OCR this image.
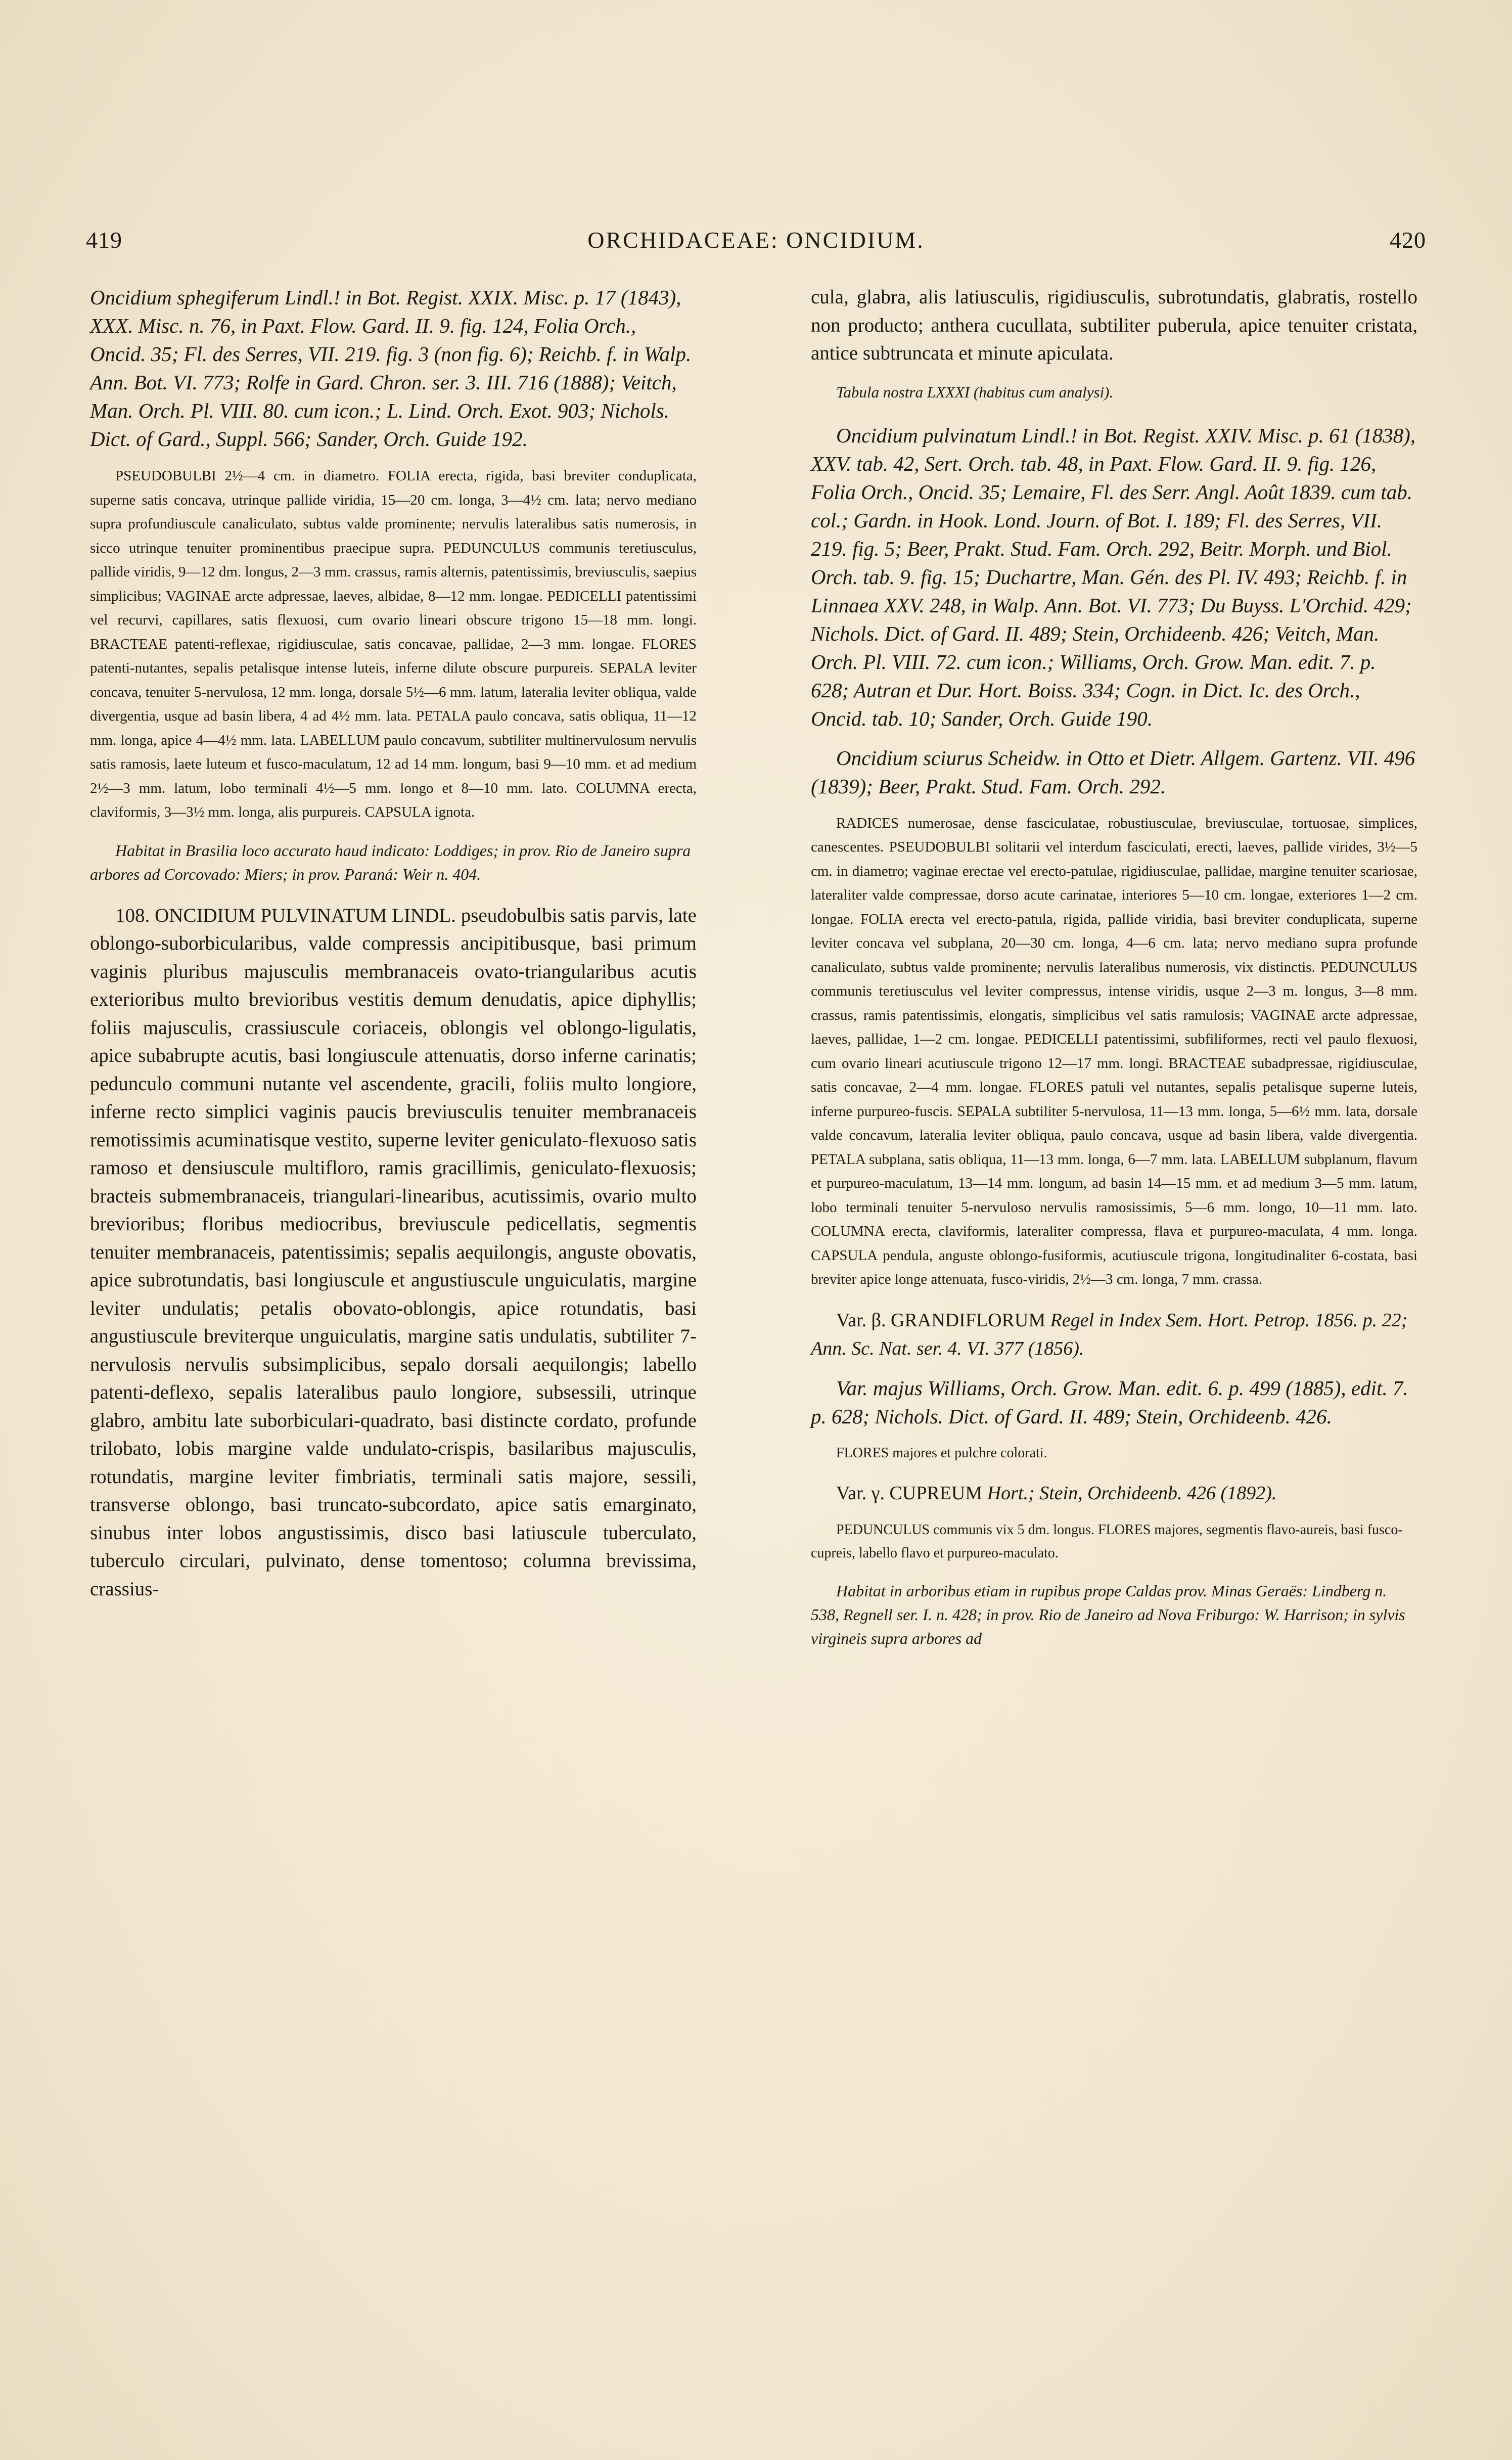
419	ORCHIDACEAE: ONCIDIUM.	420

Oncidium sphegiferum Lindl.! in Bot. Regist. XXIX. Misc. p. 17 (1843), XXX. Misc. n. 76, in Paxt. Flow. Gard. II. 9. fig. 124, Folia Orch., Oncid. 35; Fl. des Serres, VII. 219. fig. 3 (non fig. 6); Reichb. f. in Walp. Ann. Bot. VI. 773; Rolfe in Gard. Chron. ser. 3. III. 716 (1888); Veitch, Man. Orch. Pl. VIII. 80. cum icon.; L. Lind. Orch. Exot. 903; Nichols. Dict. of Gard., Suppl. 566; Sander, Orch. Guide 192.

PSEUDOBULBI 2½—4 cm. in diametro. FOLIA erecta, rigida, basi breviter conduplicata, superne satis concava, utrinque pallide viridia, 15—20 cm. longa, 3—4½ cm. lata; nervo mediano supra profundiuscule canaliculato, subtus valde prominente; nervulis lateralibus satis numerosis, in sicco utrinque tenuiter prominentibus praecipue supra. PEDUNCULUS communis teretiusculus, pallide viridis, 9—12 dm. longus, 2—3 mm. crassus, ramis alternis, patentissimis, breviusculis, saepius simplicibus; VAGINAE arcte adpressae, laeves, albidae, 8—12 mm. longae. PEDICELLI patentissimi vel recurvi, capillares, satis flexuosi, cum ovario lineari obscure trigono 15—18 mm. longi. BRACTEAE patenti-reflexae, rigidiusculae, satis concavae, pallidae, 2—3 mm. longae. FLORES patenti-nutantes, sepalis petalisque intense luteis, inferne dilute obscure purpureis. SEPALA leviter concava, tenuiter 5-nervulosa, 12 mm. longa, dorsale 5½—6 mm. latum, lateralia leviter obliqua, valde divergentia, usque ad basin libera, 4 ad 4½ mm. lata. PETALA paulo concava, satis obliqua, 11—12 mm. longa, apice 4—4½ mm. lata. LABELLUM paulo concavum, subtiliter multinervulosum nervulis satis ramosis, laete luteum et fusco-maculatum, 12 ad 14 mm. longum, basi 9—10 mm. et ad medium 2½—3 mm. latum, lobo terminali 4½—5 mm. longo et 8—10 mm. lato. COLUMNA erecta, claviformis, 3—3½ mm. longa, alis purpureis. CAPSULA ignota.

Habitat in Brasilia loco accurato haud indicato: Loddiges; in prov. Rio de Janeiro supra arbores ad Corcovado: Miers; in prov. Paraná: Weir n. 404.

108. ONCIDIUM PULVINATUM LINDL. pseudobulbis satis parvis, late oblongo-suborbicularibus, valde compressis ancipitibusque, basi primum vaginis pluribus majusculis membranaceis ovato-triangularibus acutis exterioribus multo brevioribus vestitis demum denudatis, apice diphyllis; foliis majusculis, crassiuscule coriaceis, oblongis vel oblongo-ligulatis, apice subabrupte acutis, basi longiuscule attenuatis, dorso inferne carinatis; pedunculo communi nutante vel ascendente, gracili, foliis multo longiore, inferne recto simplici vaginis paucis breviusculis tenuiter membranaceis remotissimis acuminatisque vestito, superne leviter geniculato-flexuoso satis ramoso et densiuscule multifloro, ramis gracillimis, geniculato-flexuosis; bracteis submembranaceis, triangulari-linearibus, acutissimis, ovario multo brevioribus; floribus mediocribus, breviuscule pedicellatis, segmentis tenuiter membranaceis, patentissimis; sepalis aequilongis, anguste obovatis, apice subrotundatis, basi longiuscule et angustiuscule unguiculatis, margine leviter undulatis; petalis obovato-oblongis, apice rotundatis, basi angustiuscule breviterque unguiculatis, margine satis undulatis, subtiliter 7-nervulosis nervulis subsimplicibus, sepalo dorsali aequilongis; labello patenti-deflexo, sepalis lateralibus paulo longiore, subsessili, utrinque glabro, ambitu late suborbiculari-quadrato, basi distincte cordato, profunde trilobato, lobis margine valde undulato-crispis, basilaribus majusculis, rotundatis, margine leviter fimbriatis, terminali satis majore, sessili, transverse oblongo, basi truncato-subcordato, apice satis emarginato, sinubus inter lobos angustissimis, disco basi latiuscule tuberculato, tuberculo circulari, pulvinato, dense tomentoso; columna brevissima, crassius-

cula, glabra, alis latiusculis, rigidiusculis, subrotundatis, glabratis, rostello non producto; anthera cucullata, subtiliter puberula, apice tenuiter cristata, antice subtruncata et minute apiculata.

Tabula nostra LXXXI (habitus cum analysi).

Oncidium pulvinatum Lindl.! in Bot. Regist. XXIV. Misc. p. 61 (1838), XXV. tab. 42, Sert. Orch. tab. 48, in Paxt. Flow. Gard. II. 9. fig. 126, Folia Orch., Oncid. 35; Lemaire, Fl. des Serr. Angl. Août 1839. cum tab. col.; Gardn. in Hook. Lond. Journ. of Bot. I. 189; Fl. des Serres, VII. 219. fig. 5; Beer, Prakt. Stud. Fam. Orch. 292, Beitr. Morph. und Biol. Orch. tab. 9. fig. 15; Duchartre, Man. Gén. des Pl. IV. 493; Reichb. f. in Linnaea XXV. 248, in Walp. Ann. Bot. VI. 773; Du Buyss. L'Orchid. 429; Nichols. Dict. of Gard. II. 489; Stein, Orchideenb. 426; Veitch, Man. Orch. Pl. VIII. 72. cum icon.; Williams, Orch. Grow. Man. edit. 7. p. 628; Autran et Dur. Hort. Boiss. 334; Cogn. in Dict. Ic. des Orch., Oncid. tab. 10; Sander, Orch. Guide 190.

Oncidium sciurus Scheidw. in Otto et Dietr. Allgem. Gartenz. VII. 496 (1839); Beer, Prakt. Stud. Fam. Orch. 292.

RADICES numerosae, dense fasciculatae, robustiusculae, breviusculae, tortuosae, simplices, canescentes. PSEUDOBULBI solitarii vel interdum fasciculati, erecti, laeves, pallide virides, 3½—5 cm. in diametro; vaginae erectae vel erecto-patulae, rigidiusculae, pallidae, margine tenuiter scariosae, lateraliter valde compressae, dorso acute carinatae, interiores 5—10 cm. longae, exteriores 1—2 cm. longae. FOLIA erecta vel erecto-patula, rigida, pallide viridia, basi breviter conduplicata, superne leviter concava vel subplana, 20—30 cm. longa, 4—6 cm. lata; nervo mediano supra profunde canaliculato, subtus valde prominente; nervulis lateralibus numerosis, vix distinctis. PEDUNCULUS communis teretiusculus vel leviter compressus, intense viridis, usque 2—3 m. longus, 3—8 mm. crassus, ramis patentissimis, elongatis, simplicibus vel satis ramulosis; VAGINAE arcte adpressae, laeves, pallidae, 1—2 cm. longae. PEDICELLI patentissimi, subfiliformes, recti vel paulo flexuosi, cum ovario lineari acutiuscule trigono 12—17 mm. longi. BRACTEAE subadpressae, rigidiusculae, satis concavae, 2—4 mm. longae. FLORES patuli vel nutantes, sepalis petalisque superne luteis, inferne purpureo-fuscis. SEPALA subtiliter 5-nervulosa, 11—13 mm. longa, 5—6½ mm. lata, dorsale valde concavum, lateralia leviter obliqua, paulo concava, usque ad basin libera, valde divergentia. PETALA subplana, satis obliqua, 11—13 mm. longa, 6—7 mm. lata. LABELLUM subplanum, flavum et purpureo-maculatum, 13—14 mm. longum, ad basin 14—15 mm. et ad medium 3—5 mm. latum, lobo terminali tenuiter 5-nervuloso nervulis ramosissimis, 5—6 mm. longo, 10—11 mm. lato. COLUMNA erecta, claviformis, lateraliter compressa, flava et purpureo-maculata, 4 mm. longa. CAPSULA pendula, anguste oblongo-fusiformis, acutiuscule trigona, longitudinaliter 6-costata, basi breviter apice longe attenuata, fusco-viridis, 2½—3 cm. longa, 7 mm. crassa.

Var. β. GRANDIFLORUM Regel in Index Sem. Hort. Petrop. 1856. p. 22; Ann. Sc. Nat. ser. 4. VI. 377 (1856).

Var. majus Williams, Orch. Grow. Man. edit. 6. p. 499 (1885), edit. 7. p. 628; Nichols. Dict. of Gard. II. 489; Stein, Orchideenb. 426.

FLORES majores et pulchre colorati.

Var. γ. CUPREUM Hort.; Stein, Orchideenb. 426 (1892).

PEDUNCULUS communis vix 5 dm. longus. FLORES majores, segmentis flavo-aureis, basi fusco-cupreis, labello flavo et purpureo-maculato.

Habitat in arboribus etiam in rupibus prope Caldas prov. Minas Geraës: Lindberg n. 538, Regnell ser. I. n. 428; in prov. Rio de Janeiro ad Nova Friburgo: W. Harrison; in sylvis virgineis supra arbores ad
